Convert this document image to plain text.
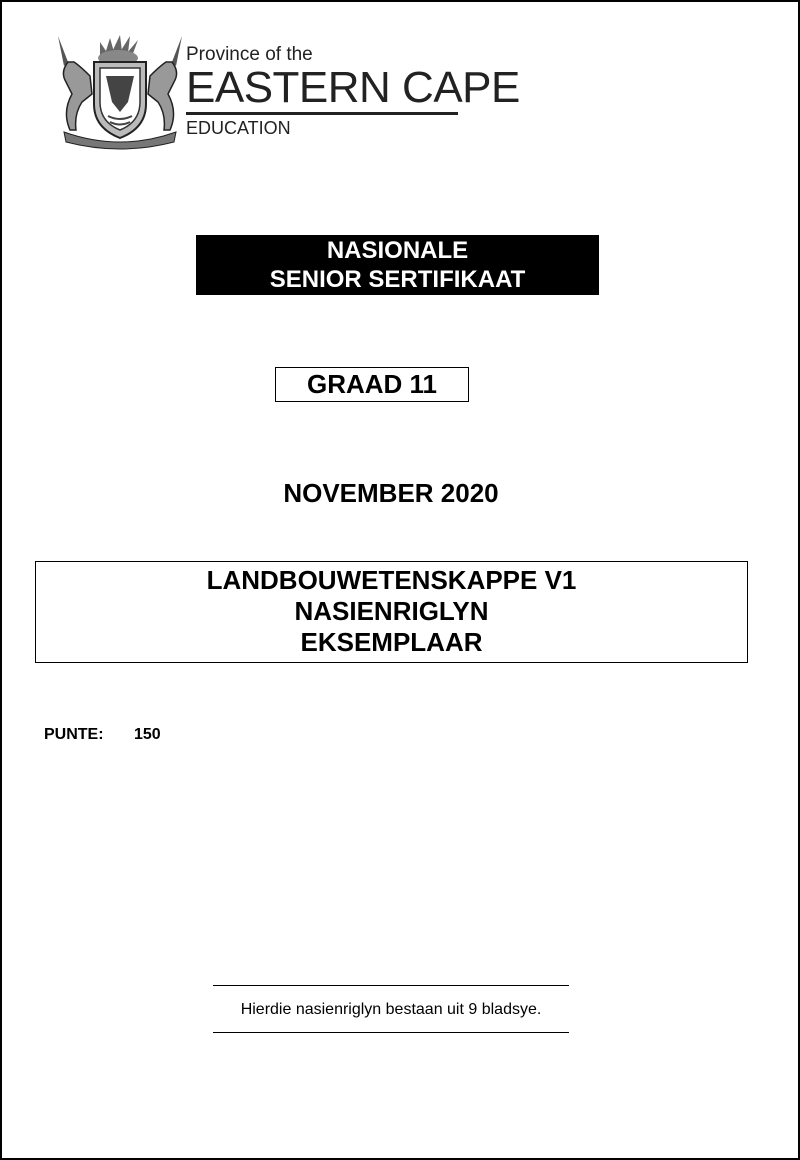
Province of the
EASTERN CAPE
EDUCATION
NASIONALE
SENIOR SERTIFIKAAT
GRAAD 11
NOVEMBER 2020
LANDBOUWETENSKAPPE V1
NASIENRIGLYN
EKSEMPLAAR
PUNTE: 150
Hierdie nasienriglyn bestaan uit 9 bladsye.
